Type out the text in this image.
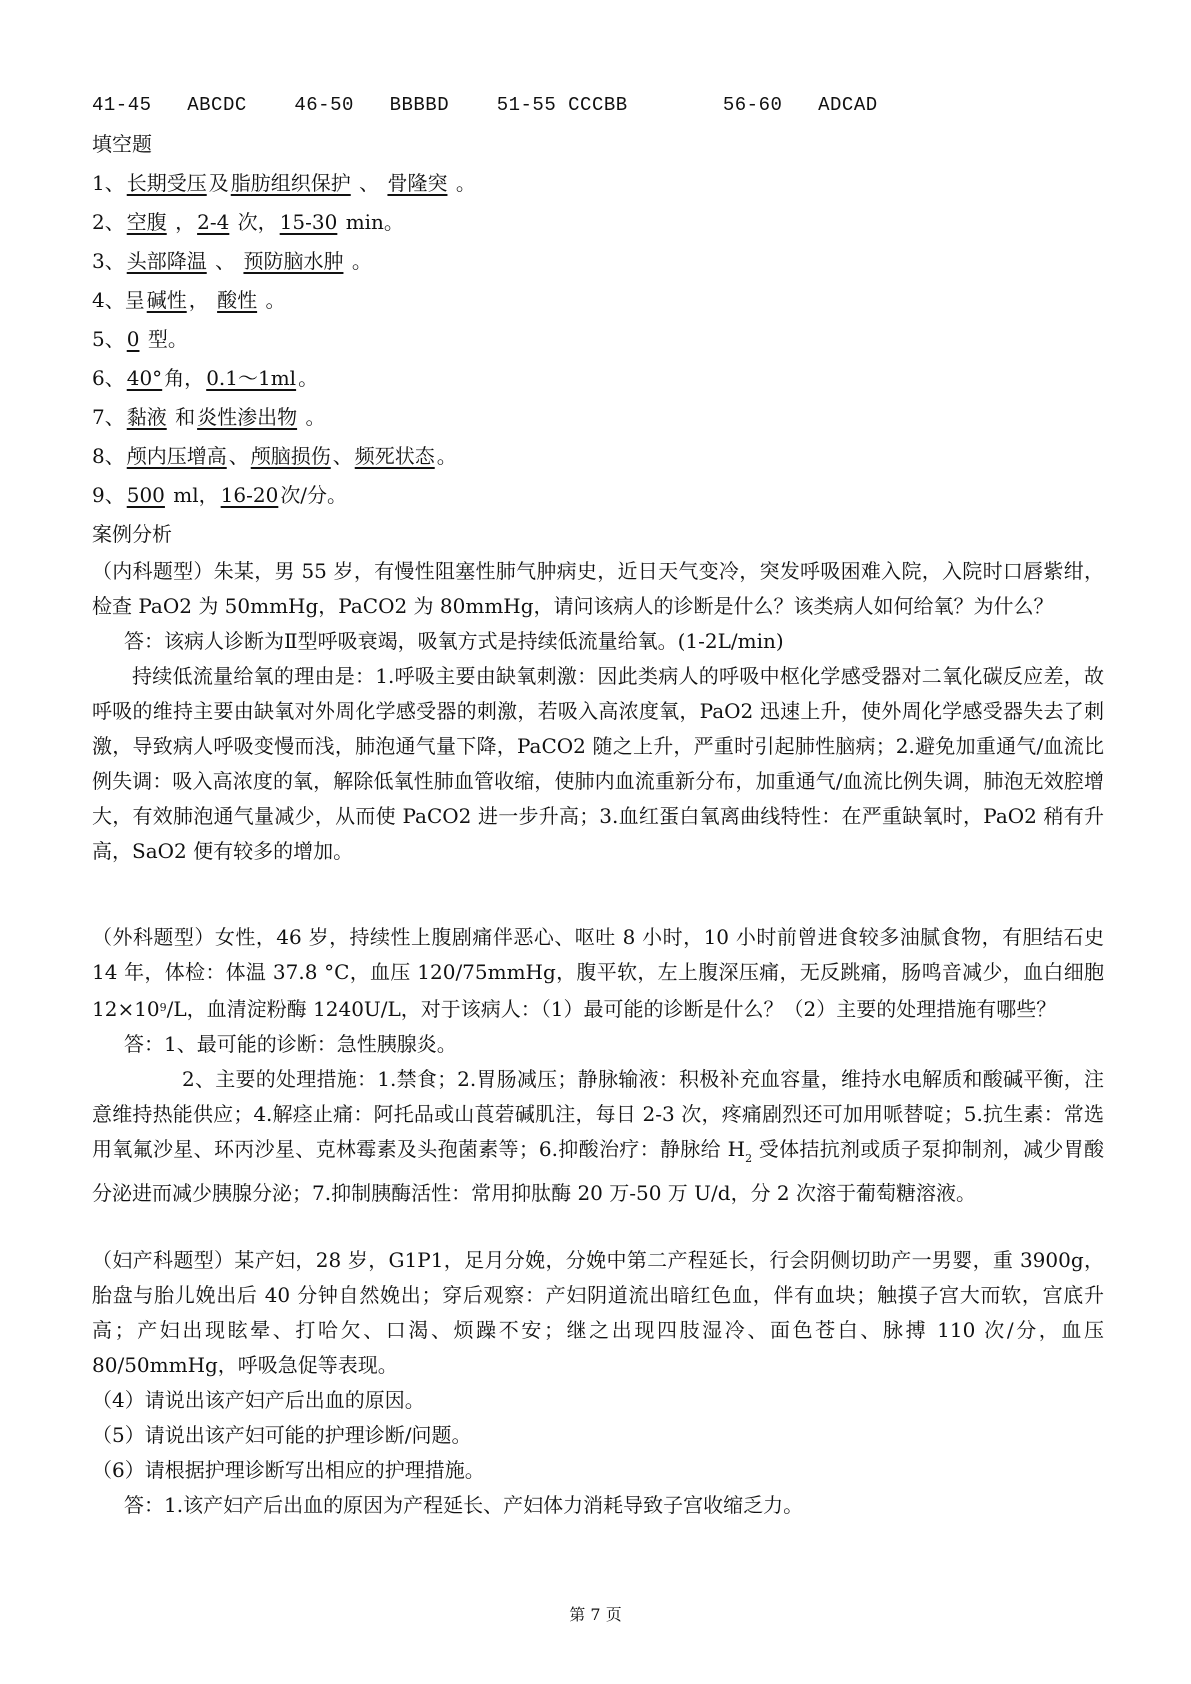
41-45 ABCDC	46-50 BBBBD	51-55 CCCBB	56-60 ADCAD
填空题
1、 长期受压 及 脂肪组织保护 、 骨隆突 。
2、 空腹 ， 2-4 次， 15-30 min。
3、 头部降温 、 预防脑水肿 。
4、呈 碱性 ， 酸性 。
5、 0 型。
6、 40° 角， 0.1～1ml 。
7、 黏液 和 炎性渗出物 。
8、 颅内压增高 、 颅脑损伤 、 频死状态 。
9、 500 ml， 16-20 次/分。
案例分析

（内科题型）朱某，男 55 岁，有慢性阻塞性肺气肿病史，近日天气变冷，突发呼吸困难入院，入院时口唇紫绀，检查 PaO2 为 50mmHg，PaCO2 为 80mmHg，请问该病人的诊断是什么？该类病人如何给氧？为什么？

答：该病人诊断为Ⅱ型呼吸衰竭，吸氧方式是持续低流量给氧。(1-2L/min)

持续低流量给氧的理由是：1.呼吸主要由缺氧刺激：因此类病人的呼吸中枢化学感受器对二氧化碳反应差，故呼吸的维持主要由缺氧对外周化学感受器的刺激，若吸入高浓度氧，PaO2 迅速上升，使外周化学感受器失去了刺激，导致病人呼吸变慢而浅，肺泡通气量下降，PaCO2 随之上升，严重时引起肺性脑病；2.避免加重通气/血流比例失调：吸入高浓度的氧，解除低氧性肺血管收缩，使肺内血流重新分布，加重通气/血流比例失调，肺泡无效腔增大，有效肺泡通气量减少，从而使 PaCO2 进一步升高；3.血红蛋白氧离曲线特性：在严重缺氧时，PaO2 稍有升高，SaO2 便有较多的增加。

（外科题型）女性，46 岁，持续性上腹剧痛伴恶心、呕吐 8 小时，10 小时前曾进食较多油腻食物，有胆结石史 14 年，体检：体温 37.8 °C，血压 120/75mmHg，腹平软，左上腹深压痛，无反跳痛，肠鸣音减少，血白细胞 $12\times 10^9/L$，血清淀粉酶 1240U/L，对于该病人：（1）最可能的诊断是什么？（2）主要的处理措施有哪些？

答：1、最可能的诊断：急性胰腺炎。

2、主要的处理措施：1.禁食；2.胃肠减压；静脉输液：积极补充血容量，维持水电解质和酸碱平衡，注意维持热能供应；4.解痉止痛：阿托品或山莨菪碱肌注，每日 2-3 次，疼痛剧烈还可加用哌替啶；5.抗生素：常选用氧氟沙星、环丙沙星、克林霉素及头孢菌素等；6.抑酸治疗：静脉给 $H_2$ 受体拮抗剂或质子泵抑制剂，减少胃酸分泌进而减少胰腺分泌；7.抑制胰酶活性：常用抑肽酶 20 万-50 万 U/d，分 2 次溶于葡萄糖溶液。

（妇产科题型）某产妇，28 岁，G1P1，足月分娩，分娩中第二产程延长，行会阴侧切助产一男婴，重 3900g，胎盘与胎儿娩出后 40 分钟自然娩出；穿后观察：产妇阴道流出暗红色血，伴有血块；触摸子宫大而软，宫底升高；产妇出现眩晕、打哈欠、口渴、烦躁不安；继之出现四肢湿冷、面色苍白、脉搏 110 次/分，血压 80/50mmHg，呼吸急促等表现。

（4）请说出该产妇产后出血的原因。

（5）请说出该产妇可能的护理诊断/问题。

（6）请根据护理诊断写出相应的护理措施。

答：1.该产妇产后出血的原因为产程延长、产妇体力消耗导致子宫收缩乏力。

第 7 页
